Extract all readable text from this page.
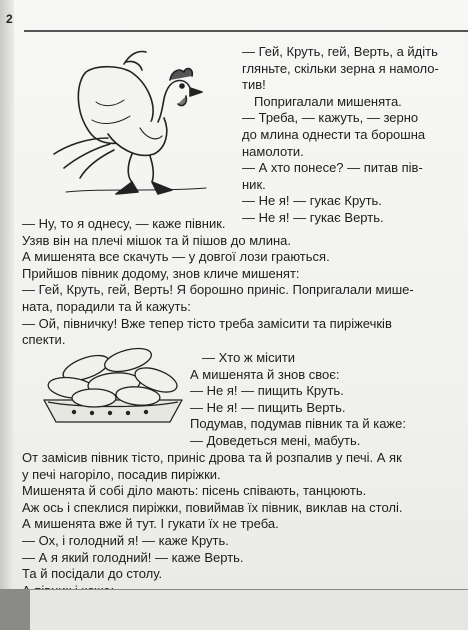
2
— Гей, Круть, гей, Верть, а йдіть
гляньте, скільки зерна я намоло-
тив!
Попригалали мишенята.
— Треба, — кажуть, — зерно
до млина однести та борошна
намолоти.
— А хто понесе? — питав пів-
ник.
— Не я! — гукає Круть.
— Не я! — гукає Верть.
— Ну, то я однесу, — каже півник.
Узяв він на плечі мішок та й пішов до млина.
А мишенята все скачуть — у довгої лози граються.
Прийшов півник додому, знов кличе мишенят:
— Гей, Круть, гей, Верть! Я борошно приніс. Попригалали мише-
ната, порадили та й кажуть:
— Ой, півничку! Вже тепер тісто треба замісити та пиріжечків
спекти.
— Хто ж місити
А мишенята й знов своє:
— Не я! — пищить Круть.
— Не я! — пищить Верть.
Подумав, подумав півник та й каже:
— Доведеться мені, мабуть.
От замісив півник тісто, приніс дрова та й розпалив у печі. А як
у печі нагоріло, посадив пиріжки.
Мишенята й собі діло мають: пісень співають, танцюють.
Аж ось і спеклися пиріжки, повиймав їх півник, виклав на столі.
А мишенята вже й тут. І гукати їх не треба.
— Ох, і голодний я! — каже Круть.
— А я який голодний! — каже Верть.
Та й посідали до столу.
